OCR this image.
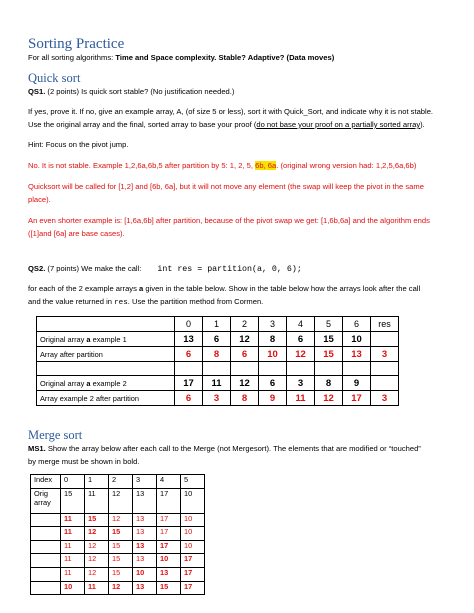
Sorting Practice
For all sorting algorithms: Time and Space complexity. Stable? Adaptive? (Data moves)
Quick sort
QS1. (2 points) Is quick sort stable? (No justification needed.)
If yes, prove it. If no, give an example array, A, (of size 5 or less), sort it with Quick_Sort, and indicate why it is not stable.
Use the original array and the final, sorted array to base your proof (do not base your proof on a partially sorted array).
Hint: Focus on the pivot jump.
No. It is not stable. Example 1,2,6a,6b,5 after partition by 5: 1, 2, 5, 6b, 6a. (original wrong version had: 1,2,5,6a,6b)
Quicksort will be called for [1,2] and [6b, 6a], but it will not move any element (the swap will keep the pivot in the same
place).
An even shorter example is: [1,6a,6b] after partition, because of the pivot swap we get: [1,6b,6a] and the algorithm ends
([1]and [6a] are base cases).
QS2. (7 points) We make the call: int res = partition(a, 0, 6);
for each of the 2 example arrays a given in the table below. Show in the table below how the arrays look after the call
and the value returned in res. Use the partition method from Cormen.
	0	1	2	3	4	5	6	res
Original array a example 1	13	6	12	8	6	15	10	
Array after partition	6	8	6	10	12	15	13	3

Original array a example 2	17	11	12	6	3	8	9	
Array example 2 after partition	6	3	8	9	11	12	17	3
Merge sort
MS1. Show the array below after each call to the Merge (not Mergesort). The elements that are modified or “touched”
by merge must be shown in bold.
Index	0	1	2	3	4	5
Orig
array	15	11	12	13	17	10
	11	15	12	13	17	10
	11	12	15	13	17	10
	11	12	15	13	17	10
	11	12	15	13	10	17
	11	12	15	10	13	17
	10	11	12	13	15	17
